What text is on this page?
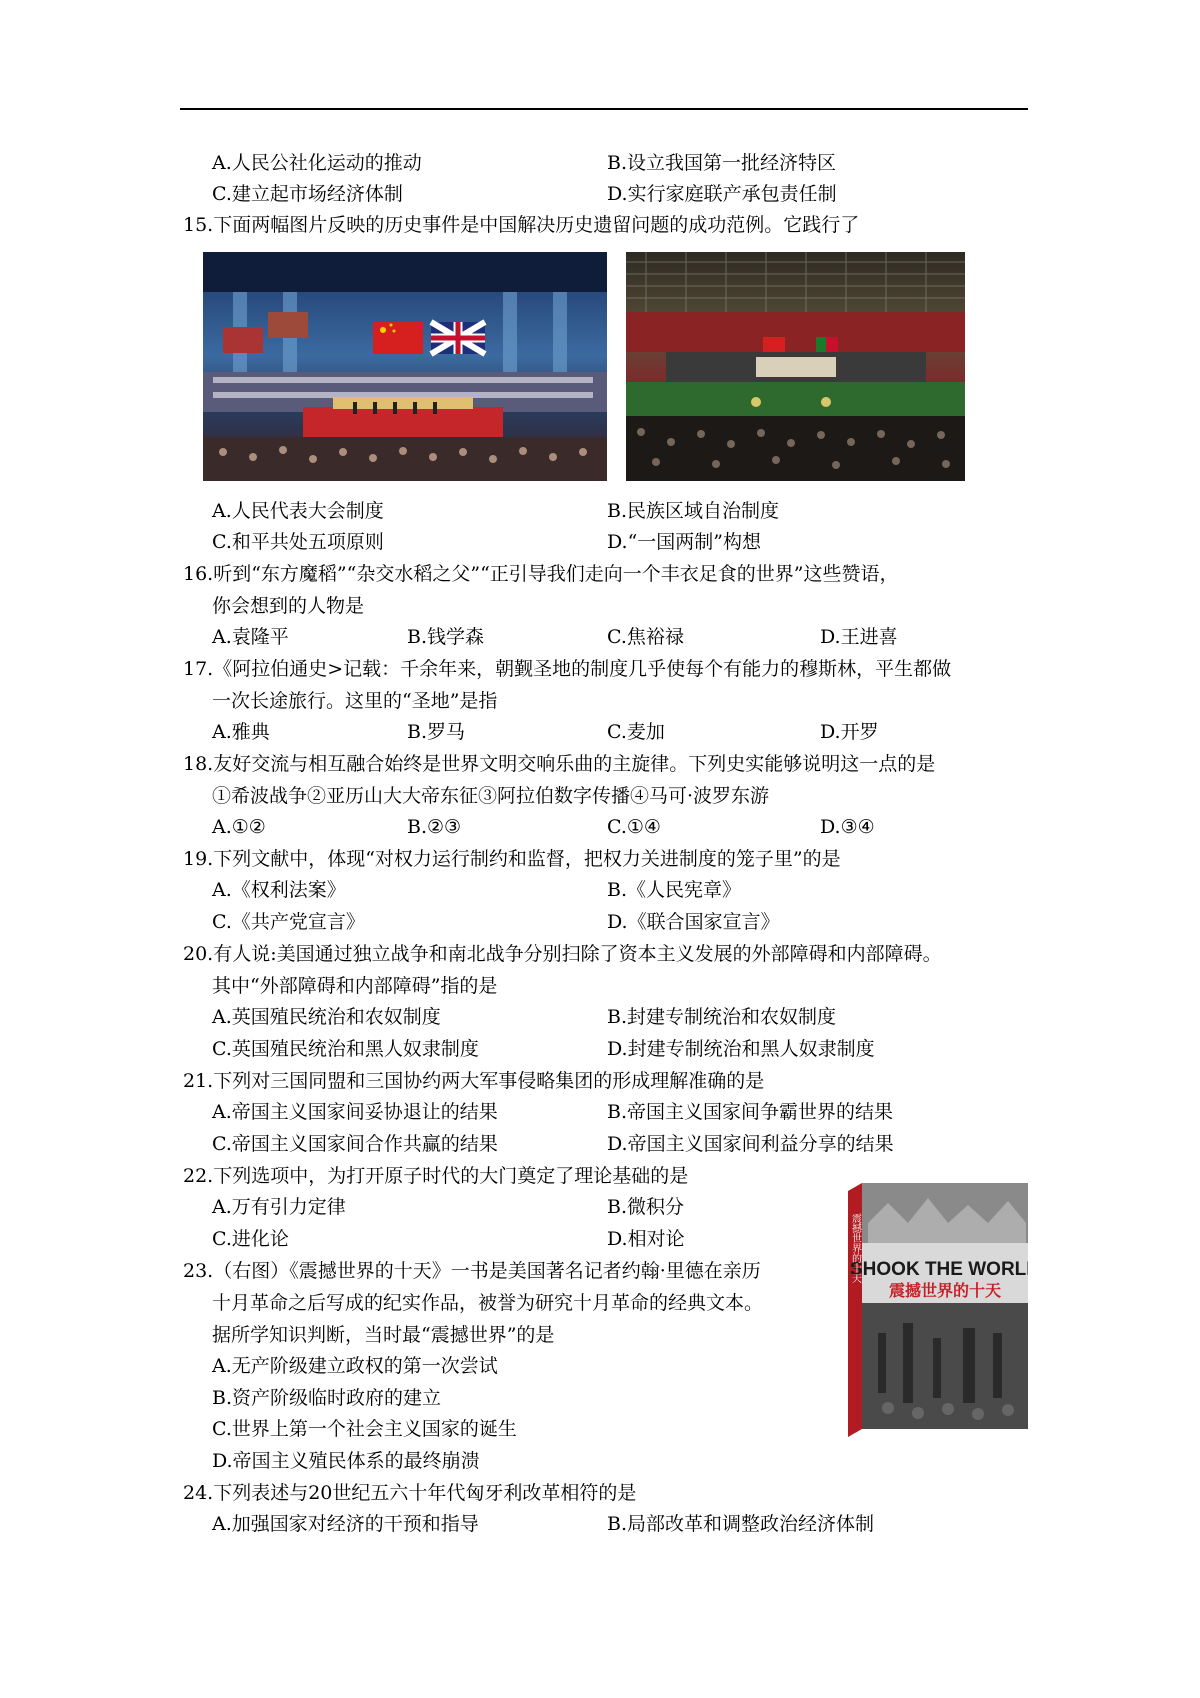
A.人民公社化运动的推动	B.设立我国第一批经济特区
C.建立起市场经济体制	D.实行家庭联产承包责任制
15.下面两幅图片反映的历史事件是中国解决历史遗留问题的成功范例。它践行了
A.人民代表大会制度	B.民族区域自治制度
C.和平共处五项原则	D.“一国两制”构想
16.听到“东方魔稻”“杂交水稻之父”“正引导我们走向一个丰衣足食的世界”这些赞语，
你会想到的人物是
A.袁隆平	B.钱学森	C.焦裕禄	D.王进喜
17.《阿拉伯通史>记载：千余年来，朝觐圣地的制度几乎使每个有能力的穆斯林，平生都做
一次长途旅行。这里的“圣地”是指
A.雅典	B.罗马	C.麦加	D.开罗
18.友好交流与相互融合始终是世界文明交响乐曲的主旋律。下列史实能够说明这一点的是
①希波战争②亚历山大大帝东征③阿拉伯数字传播④马可·波罗东游
A.①②	B.②③	C.①④	D.③④
19.下列文献中，体现“对权力运行制约和监督，把权力关进制度的笼子里”的是
A.《权利法案》	B.《人民宪章》
C.《共产党宣言》	D.《联合国家宣言》
20.有人说:美国通过独立战争和南北战争分别扫除了资本主义发展的外部障碍和内部障碍。
其中“外部障碍和内部障碍”指的是
A.英国殖民统治和农奴制度	B.封建专制统治和农奴制度
C.英国殖民统治和黑人奴隶制度	D.封建专制统治和黑人奴隶制度
21.下列对三国同盟和三国协约两大军事侵略集团的形成理解准确的是
A.帝国主义国家间妥协退让的结果	B.帝国主义国家间争霸世界的结果
C.帝国主义国家间合作共赢的结果	D.帝国主义国家间利益分享的结果
22.下列选项中，为打开原子时代的大门奠定了理论基础的是
A.万有引力定律	B.微积分
C.进化论	D.相对论
SHOOK THE WORLD
震撼世界的十天
震撼世界的十天
23.（右图）《震撼世界的十天》一书是美国著名记者约翰·里德在亲历
十月革命之后写成的纪实作品，被誉为研究十月革命的经典文本。
据所学知识判断，当时最“震撼世界”的是
A.无产阶级建立政权的第一次尝试
B.资产阶级临时政府的建立
C.世界上第一个社会主义国家的诞生
D.帝国主义殖民体系的最终崩溃
24.下列表述与20世纪五六十年代匈牙利改革相符的是
A.加强国家对经济的干预和指导	B.局部改革和调整政治经济体制
